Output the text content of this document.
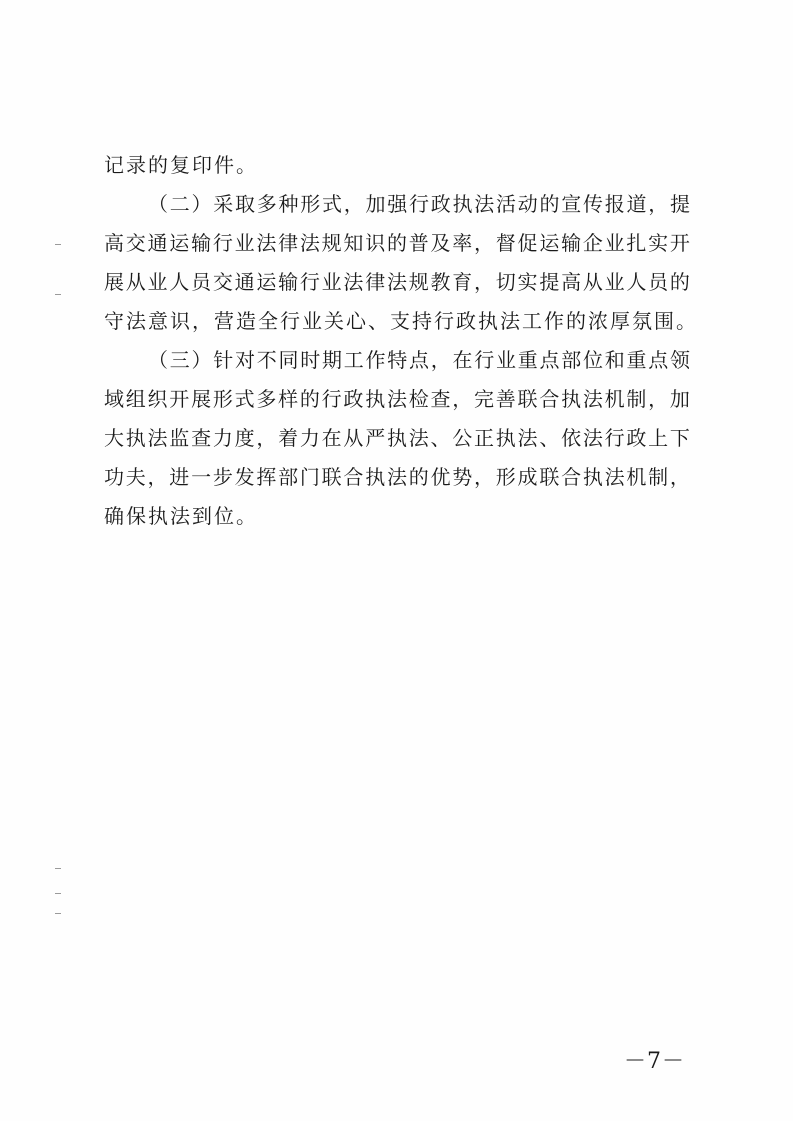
记录的复印件。
（ 二 ） 采 取 多 种 形 式 ， 加 强 行 政 执 法 活 动 的 宣 传 报 道 ， 提
高 交 通 运 输 行 业 法 律 法 规 知 识 的 普 及 率 ， 督 促 运 输 企 业 扎 实 开
展 从 业 人 员 交 通 运 输 行 业 法 律 法 规 教 育 ， 切 实 提 高 从 业 人 员 的
守法意识，营造全行业关心、支持行政执法工作的浓厚氛围。
（ 三 ） 针 对 不 同 时 期 工 作 特 点 ， 在 行 业 重 点 部 位 和 重 点 领
域 组 织 开 展 形 式 多 样 的 行 政 执 法 检 查 ， 完 善 联 合 执 法 机 制 ， 加
大 执 法 监 查 力 度 ， 着 力 在 从 严 执 法 、 公 正 执 法 、 依 法 行 政 上 下
功 夫 ， 进 一 步 发 挥 部 门 联 合 执 法 的 优 势 ， 形 成 联 合 执 法 机 制 ，
确保执法到位。
－7－
